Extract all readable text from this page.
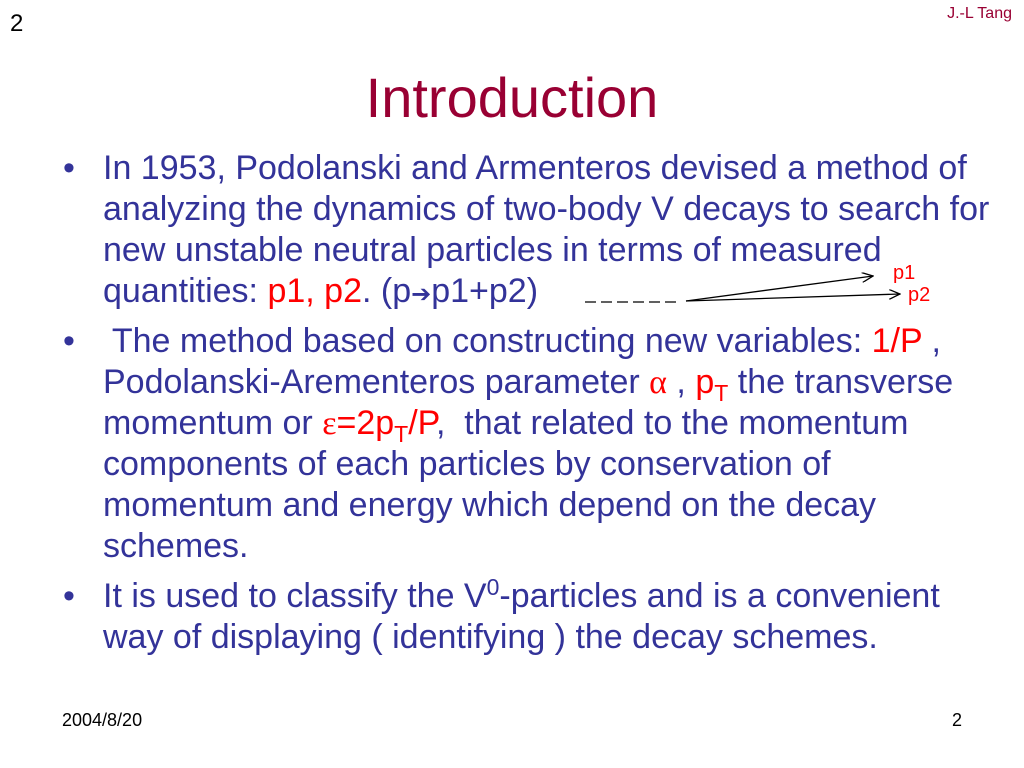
2	J.-L Tang
Introduction
• In 1953, Podolanski and Armenteros devised a method of
analyzing the dynamics of two-body V decays to search for
new unstable neutral particles in terms of measured
quantities: p1, p2. (p➔p1+p2)
• The method based on constructing new variables: 1/P ,
Podolanski-Arementeros parameter α , $p_T$ the transverse
momentum or $\varepsilon=2p_T/P$,  that related to the momentum
components of each particles by conservation of
momentum and energy which depend on the decay
schemes.
• It is used to classify the $V^0$-particles and is a convenient
way of displaying ( identifying ) the decay schemes.
p1
p2
2004/8/20	2
